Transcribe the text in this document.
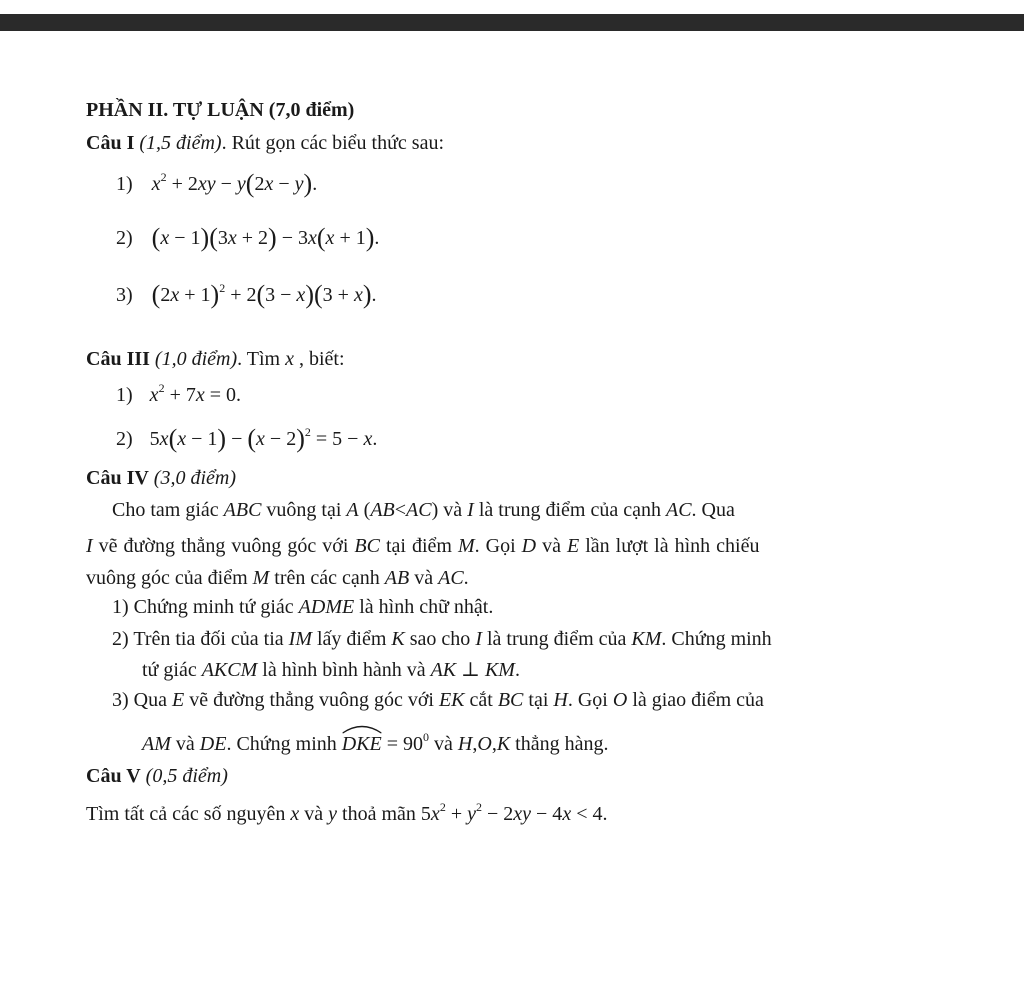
PHẦN II. TỰ LUẬN (7,0 điểm)
Câu I (1,5 điểm). Rút gọn các biểu thức sau:
1) $x^2 + 2xy - y(2x - y)$.
2) (x − 1)(3x + 2) − 3x(x + 1).
3) $(2x + 1)^2 + 2(3 - x)(3 + x)$.
Câu III (1,0 điểm). Tìm x , biết:
1) $x^2 + 7x = 0$.
2) $5x(x - 1) - (x - 2)^2 = 5 - x$.
Câu IV (3,0 điểm)
Cho tam giác ABC vuông tại A (AB<AC) và I là trung điểm của cạnh AC. Qua
I vẽ đường thẳng vuông góc với BC tại điểm M. Gọi D và E lần lượt là hình chiếu
vuông góc của điểm M trên các cạnh AB và AC.
1) Chứng minh tứ giác ADME là hình chữ nhật.
2) Trên tia đối của tia IM lấy điểm K sao cho I là trung điểm của KM. Chứng minh
tứ giác AKCM là hình bình hành và AK ⊥ KM.
3) Qua E vẽ đường thẳng vuông góc với EK cắt BC tại H. Gọi O là giao điểm của
AM và DE. Chứng minh DKE = $90^0$ và H,O,K thẳng hàng.
Câu V (0,5 điểm)
Tìm tất cả các số nguyên x và y thoả mãn $5x^2 + y^2 - 2xy - 4x < 4$.
